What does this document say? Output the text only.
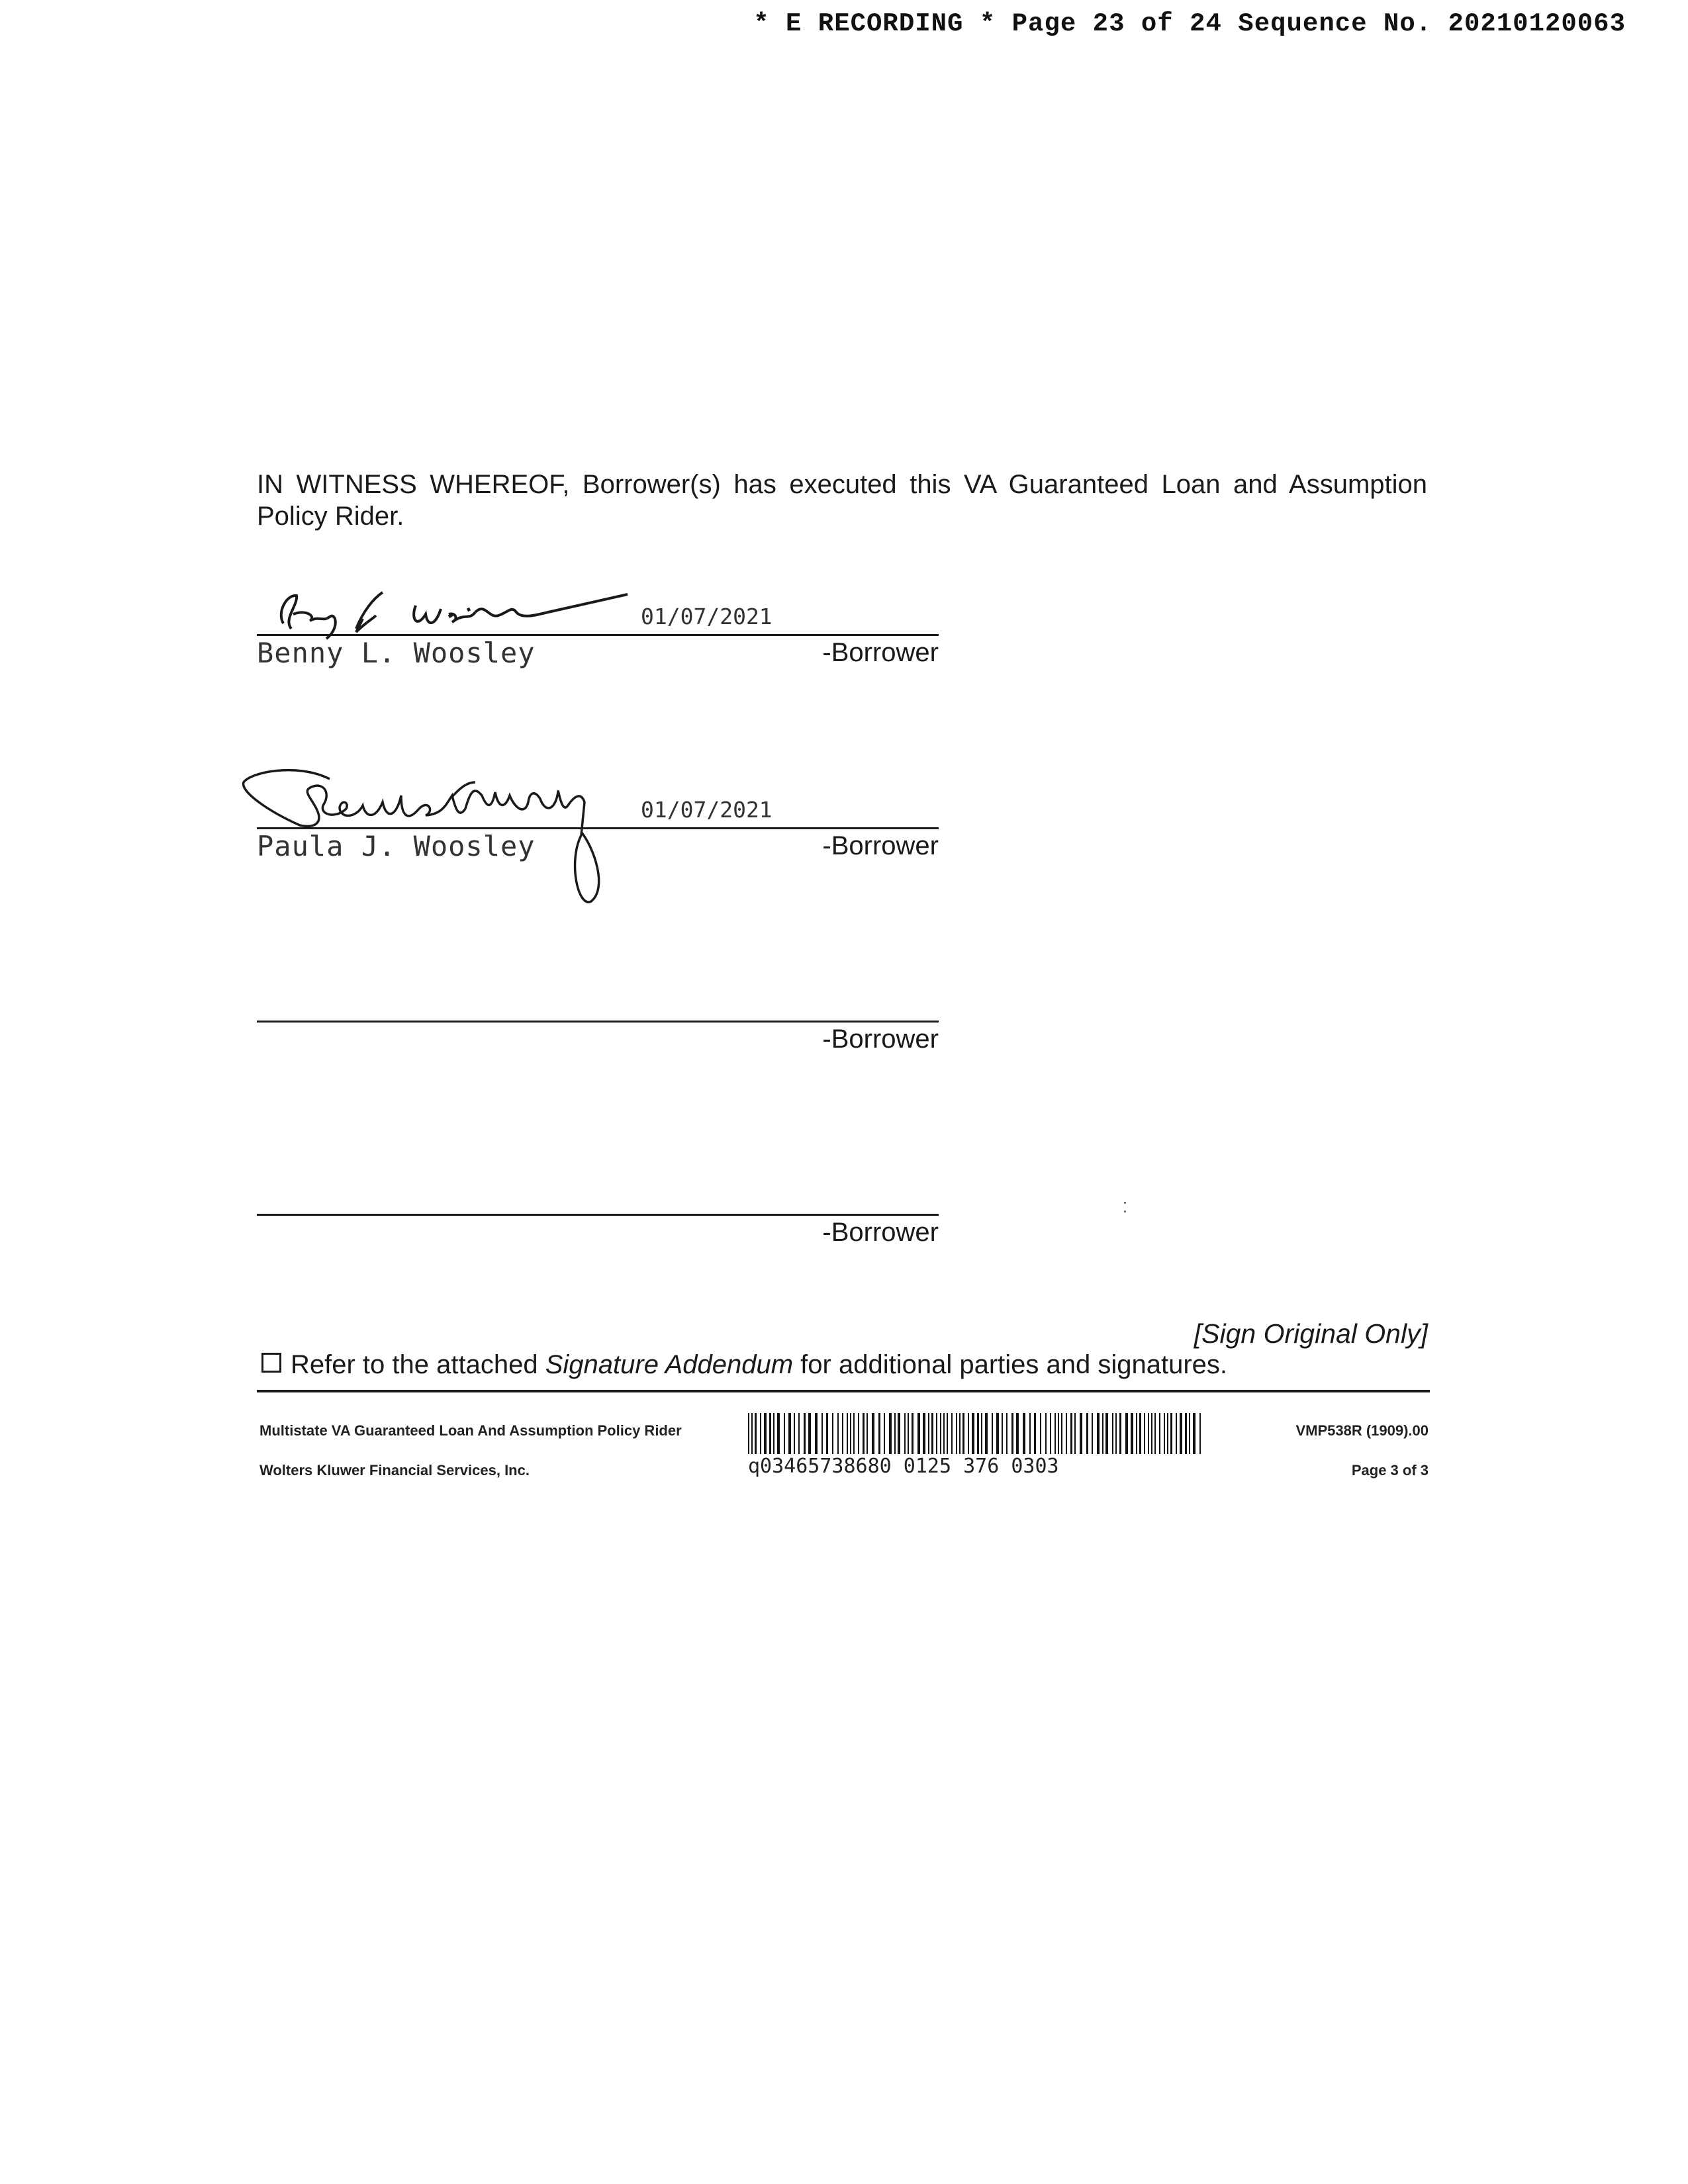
* E RECORDING * Page 23 of 24 Sequence No. 20210120063
IN WITNESS WHEREOF, Borrower(s) has executed this VA Guaranteed Loan and Assumption Policy Rider.
01/07/2021
Benny L. Woosley	-Borrower
01/07/2021
Paula J. Woosley	-Borrower
-Borrower
-Borrower
⁚
[Sign Original Only]
Refer to the attached Signature Addendum for additional parties and signatures.
Multistate VA Guaranteed Loan And Assumption Policy Rider
Wolters Kluwer Financial Services, Inc.	q03465738680 0125 376 0303
VMP538R (1909).00
Page 3 of 3
